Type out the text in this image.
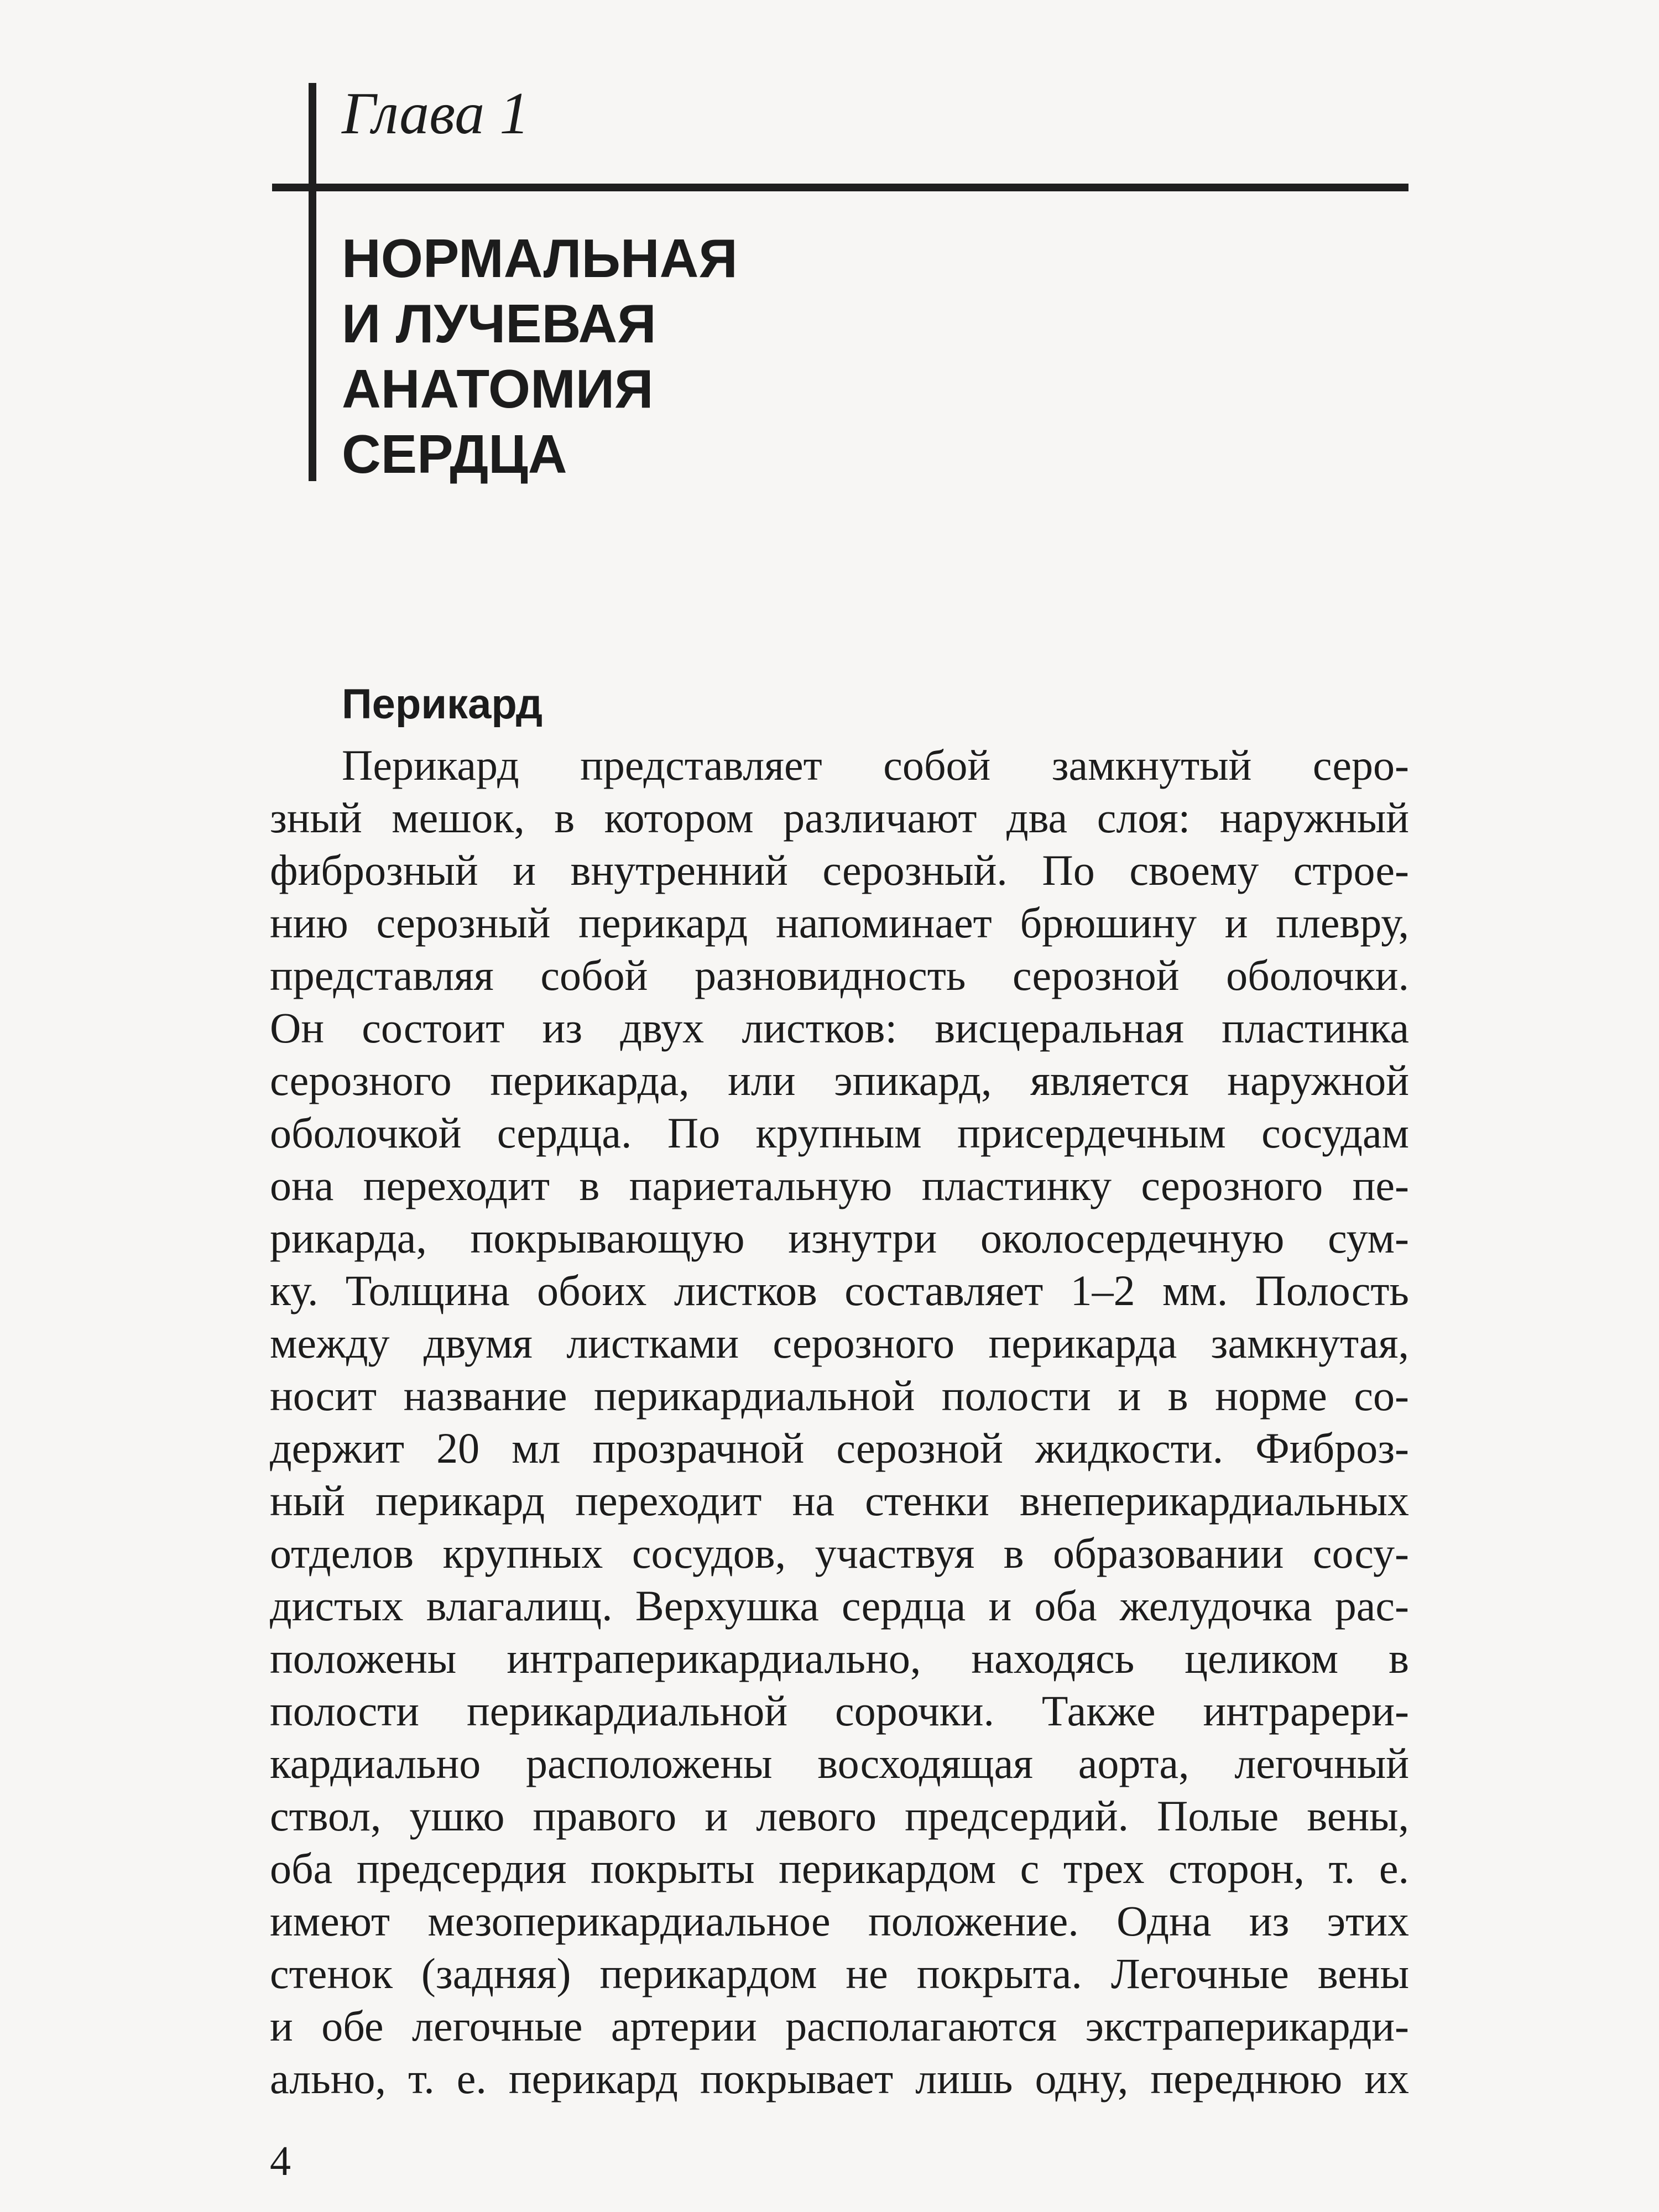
Глава 1
НОРМАЛЬНАЯ
И ЛУЧЕВАЯ
АНАТОМИЯ
СЕРДЦА
Перикард
Перикард представляет собой замкнутый серо-
зный мешок, в котором различают два слоя: наружный
фиброзный и внутренний серозный. По своему строе-
нию серозный перикард напоминает брюшину и плевру,
представляя собой разновидность серозной оболочки.
Он состоит из двух листков: висцеральная пластинка
серозного перикарда, или эпикард, является наружной
оболочкой сердца. По крупным присердечным сосудам
она переходит в париетальную пластинку серозного пе-
рикарда, покрывающую изнутри околосердечную сум-
ку. Толщина обоих листков составляет 1–2 мм. Полость
между двумя листками серозного перикарда замкнутая,
носит название перикардиальной полости и в норме со-
держит 20 мл прозрачной серозной жидкости. Фиброз-
ный перикард переходит на стенки внеперикардиальных
отделов крупных сосудов, участвуя в образовании сосу-
дистых влагалищ. Верхушка сердца и оба желудочка рас-
положены интраперикардиально, находясь целиком в
полости перикардиальной сорочки. Также интраpери-
кардиально расположены восходящая аорта, легочный
ствол, ушко правого и левого предсердий. Полые вены,
оба предсердия покрыты перикардом с трех сторон, т. е.
имеют мезоперикардиальное положение. Одна из этих
стенок (задняя) перикардом не покрыта. Легочные вены
и обе легочные артерии располагаются экстраперикарди-
ально, т. е. перикард покрывает лишь одну, переднюю их
4
